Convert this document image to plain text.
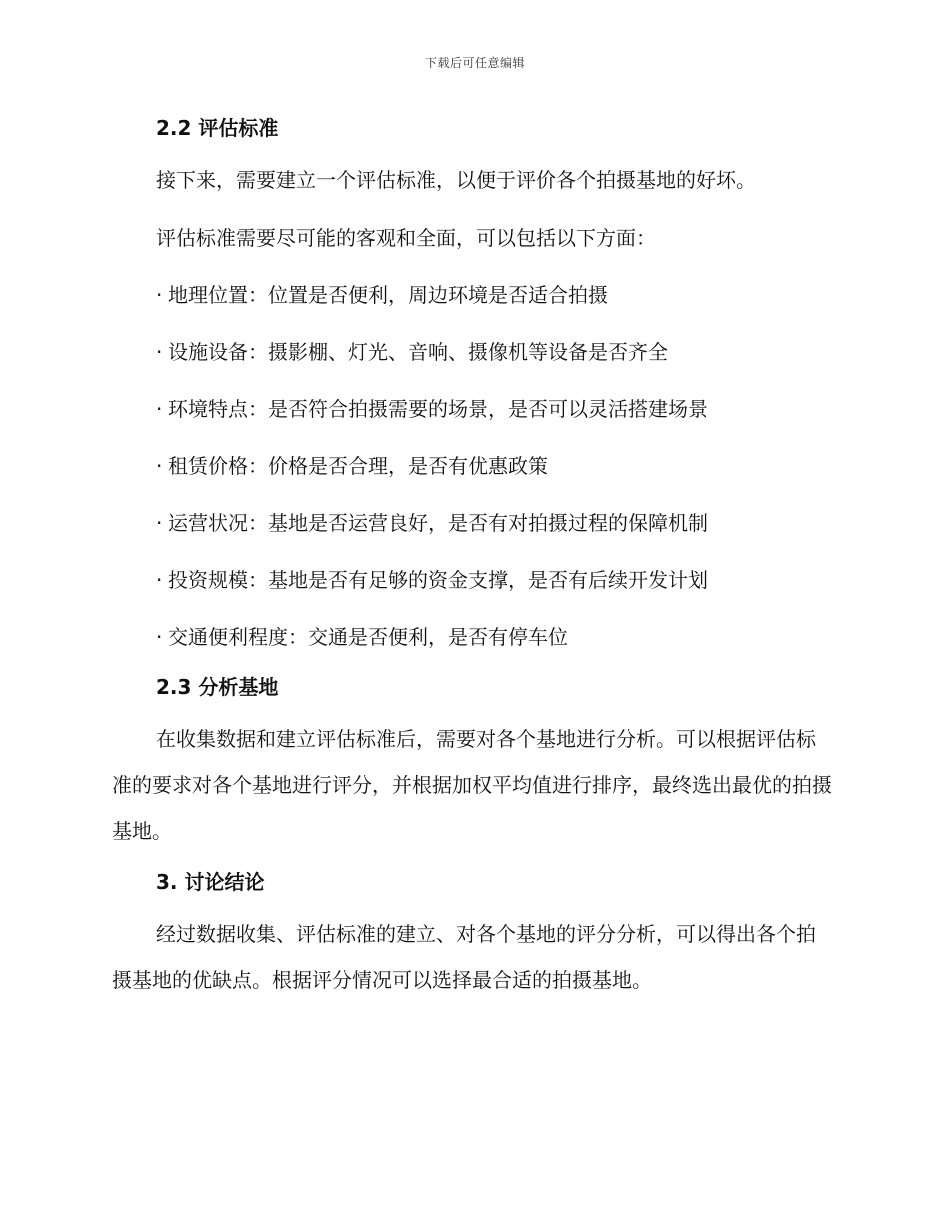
下载后可任意编辑
2.2 评估标准

接下来，需要建立一个评估标准，以便于评价各个拍摄基地的好坏。

评估标准需要尽可能的客观和全面，可以包括以下方面：

· 地理位置：位置是否便利，周边环境是否适合拍摄
· 设施设备：摄影棚、灯光、音响、摄像机等设备是否齐全
· 环境特点：是否符合拍摄需要的场景，是否可以灵活搭建场景
· 租赁价格：价格是否合理，是否有优惠政策
· 运营状况：基地是否运营良好，是否有对拍摄过程的保障机制
· 投资规模：基地是否有足够的资金支撑，是否有后续开发计划
· 交通便利程度：交通是否便利，是否有停车位
2.3 分析基地

在收集数据和建立评估标准后，需要对各个基地进行分析。可以根据评估标准的要求对各个基地进行评分，并根据加权平均值进行排序，最终选出最优的拍摄基地。

3. 讨论结论

经过数据收集、评估标准的建立、对各个基地的评分分析，可以得出各个拍摄基地的优缺点。根据评分情况可以选择最合适的拍摄基地。
